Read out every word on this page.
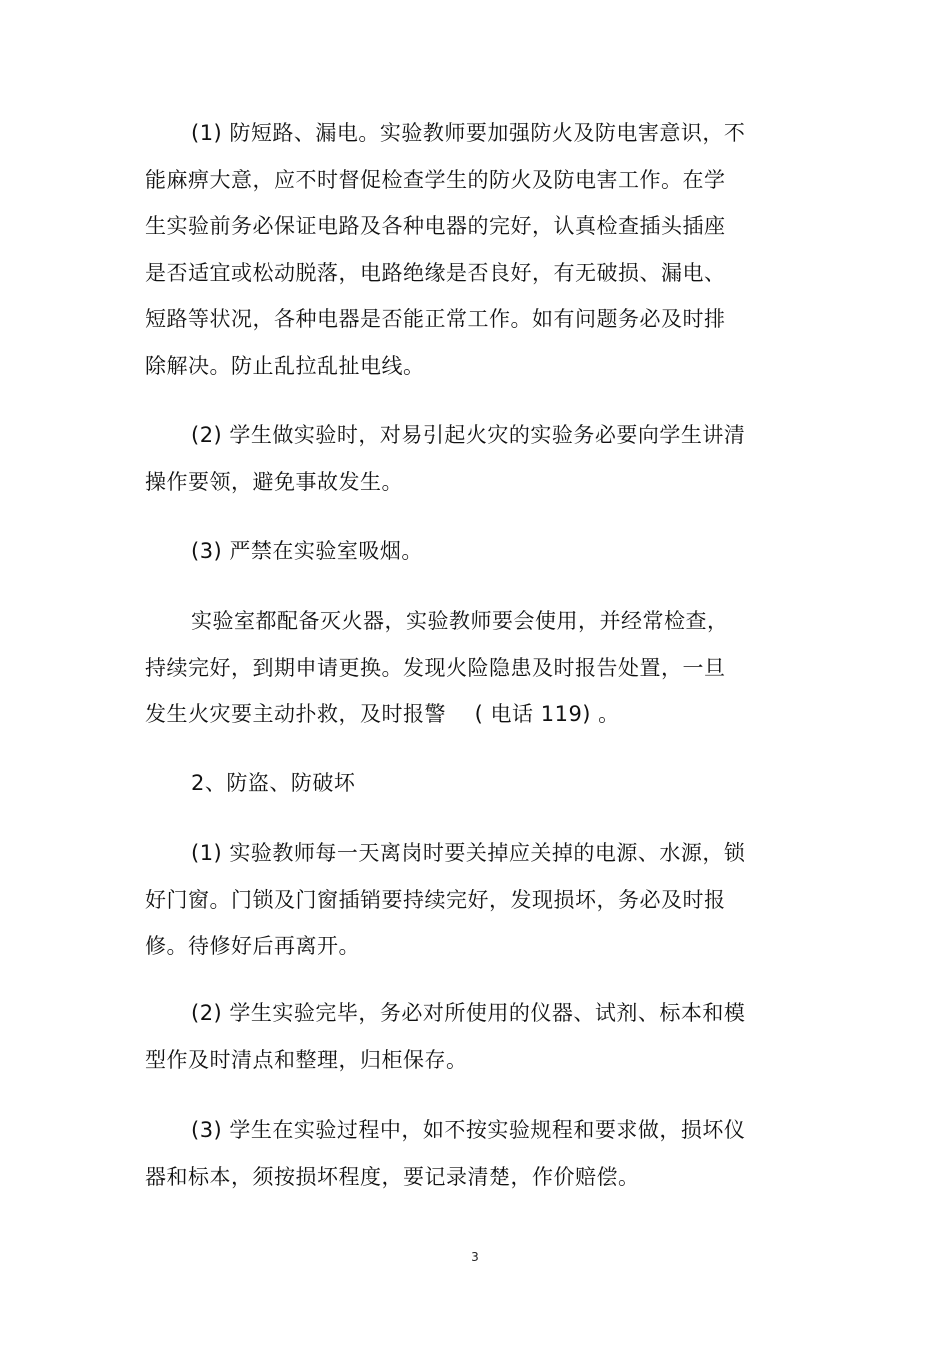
(1) 防短路、漏电。实验教师要加强防火及防电害意识，不
能麻痹大意，应不时督促检查学生的防火及防电害工作。在学
生实验前务必保证电路及各种电器的完好，认真检查插头插座
是否适宜或松动脱落，电路绝缘是否良好，有无破损、漏电、
短路等状况，各种电器是否能正常工作。如有问题务必及时排
除解决。防止乱拉乱扯电线。
(2) 学生做实验时，对易引起火灾的实验务必要向学生讲清
操作要领，避免事故发生。
(3) 严禁在实验室吸烟。
实验室都配备灭火器，实验教师要会使用，并经常检查，
持续完好，到期申请更换。发现火险隐患及时报告处置，一旦
发生火灾要主动扑救，及时报警　 ( 电话 119) 。
2、防盗、防破坏
(1) 实验教师每一天离岗时要关掉应关掉的电源、水源，锁
好门窗。门锁及门窗插销要持续完好，发现损坏，务必及时报
修。待修好后再离开。
(2) 学生实验完毕，务必对所使用的仪器、试剂、标本和模
型作及时清点和整理，归柜保存。
(3) 学生在实验过程中，如不按实验规程和要求做，损坏仪
器和标本，须按损坏程度，要记录清楚，作价赔偿。
3
